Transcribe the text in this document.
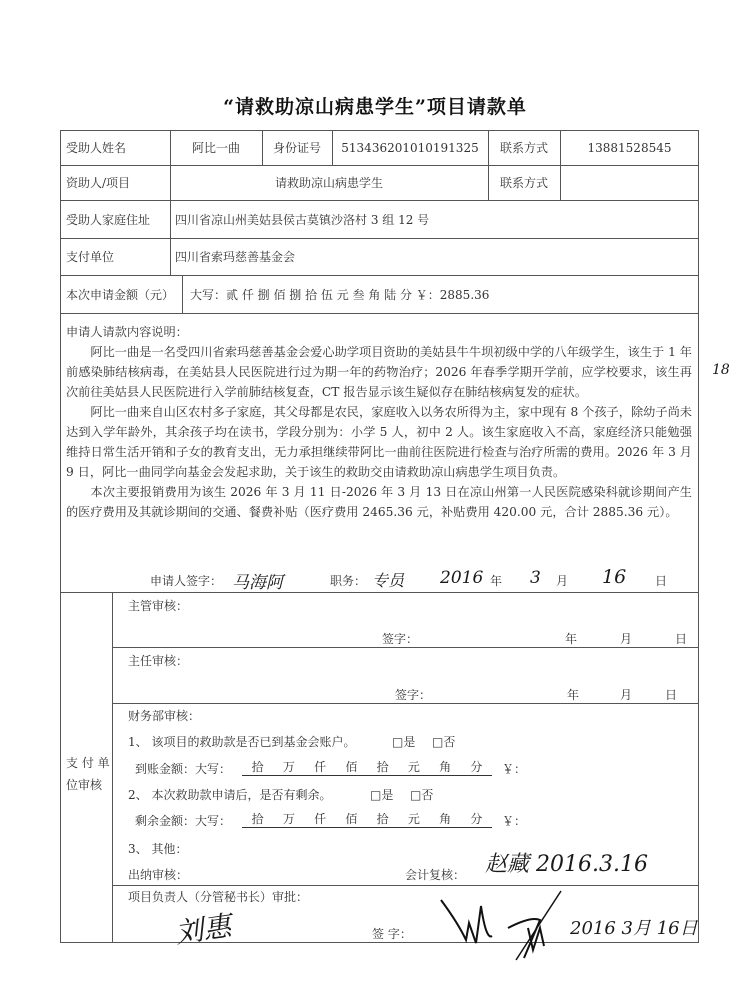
“请救助凉山病患学生”项目请款单
受助人姓名	阿比一曲	身份证号	513436201010191325	联系方式	13881528545
资助人/项目	请救助凉山病患学生	联系方式
受助人家庭住址 四川省凉山州美姑县侯古莫镇沙洛村 3 组 12 号
支付单位	四川省索玛慈善基金会
本次申请金额（元） 大写：贰 仟 捌 佰 捌 拾 伍 元 叁 角 陆 分 ￥：2885.36
申请人请款内容说明：

阿比一曲是一名受四川省索玛慈善基金会爱心助学项目资助的美姑县牛牛坝初级中学的八年级学生，该生于 1 年前感染肺结核病毒，在美姑县人民医院进行过为期一年的药物治疗；2026 年春季学期开学前，应学校要求，该生再次前往美姑县人民医院进行入学前肺结核复查，CT 报告显示该生疑似存在肺结核病复发的症状。

阿比一曲来自山区农村多子家庭，其父母都是农民，家庭收入以务农所得为主，家中现有 8 个孩子，除幼子尚未达到入学年龄外，其余孩子均在读书，学段分别为：小学 5 人，初中 2 人。该生家庭收入不高，家庭经济只能勉强维持日常生活开销和子女的教育支出，无力承担继续带阿比一曲前往医院进行检查与治疗所需的费用。2026 年 3 月 9 日，阿比一曲同学向基金会发起求助，关于该生的救助交由请救助凉山病患学生项目负责。

本次主要报销费用为该生 2026 年 3 月 11 日-2026 年 3 月 13 日在凉山州第一人民医院感染科就诊期间产生的医疗费用及其就诊期间的交通、餐费补贴（医疗费用 2465.36 元，补贴费用 420.00 元，合计 2885.36 元）。

申请人签字： 马海阿	职务： 专员 2016 年 3 月 16 日
支 付 单 位审核
主管审核：
签字：	年	月	日
主任审核：
签字：	年	月	日
财务部审核：
1、 该项目的救助款是否已到基金会账户。	□是 □否
到账金额：大写： 拾 万 仟 佰 拾 元 角 分 ￥：
2、 本次救助款申请后，是否有剩余。	□是 □否
剩余金额：大写： 拾 万 仟 佰 拾 元 角 分 ￥：
3、 其他：
出纳审核：	会计复核： 赵藏 2016.3.16
项目负责人（分管秘书长）审批：
刘惠	签 字：	2016 3月 16日
18
